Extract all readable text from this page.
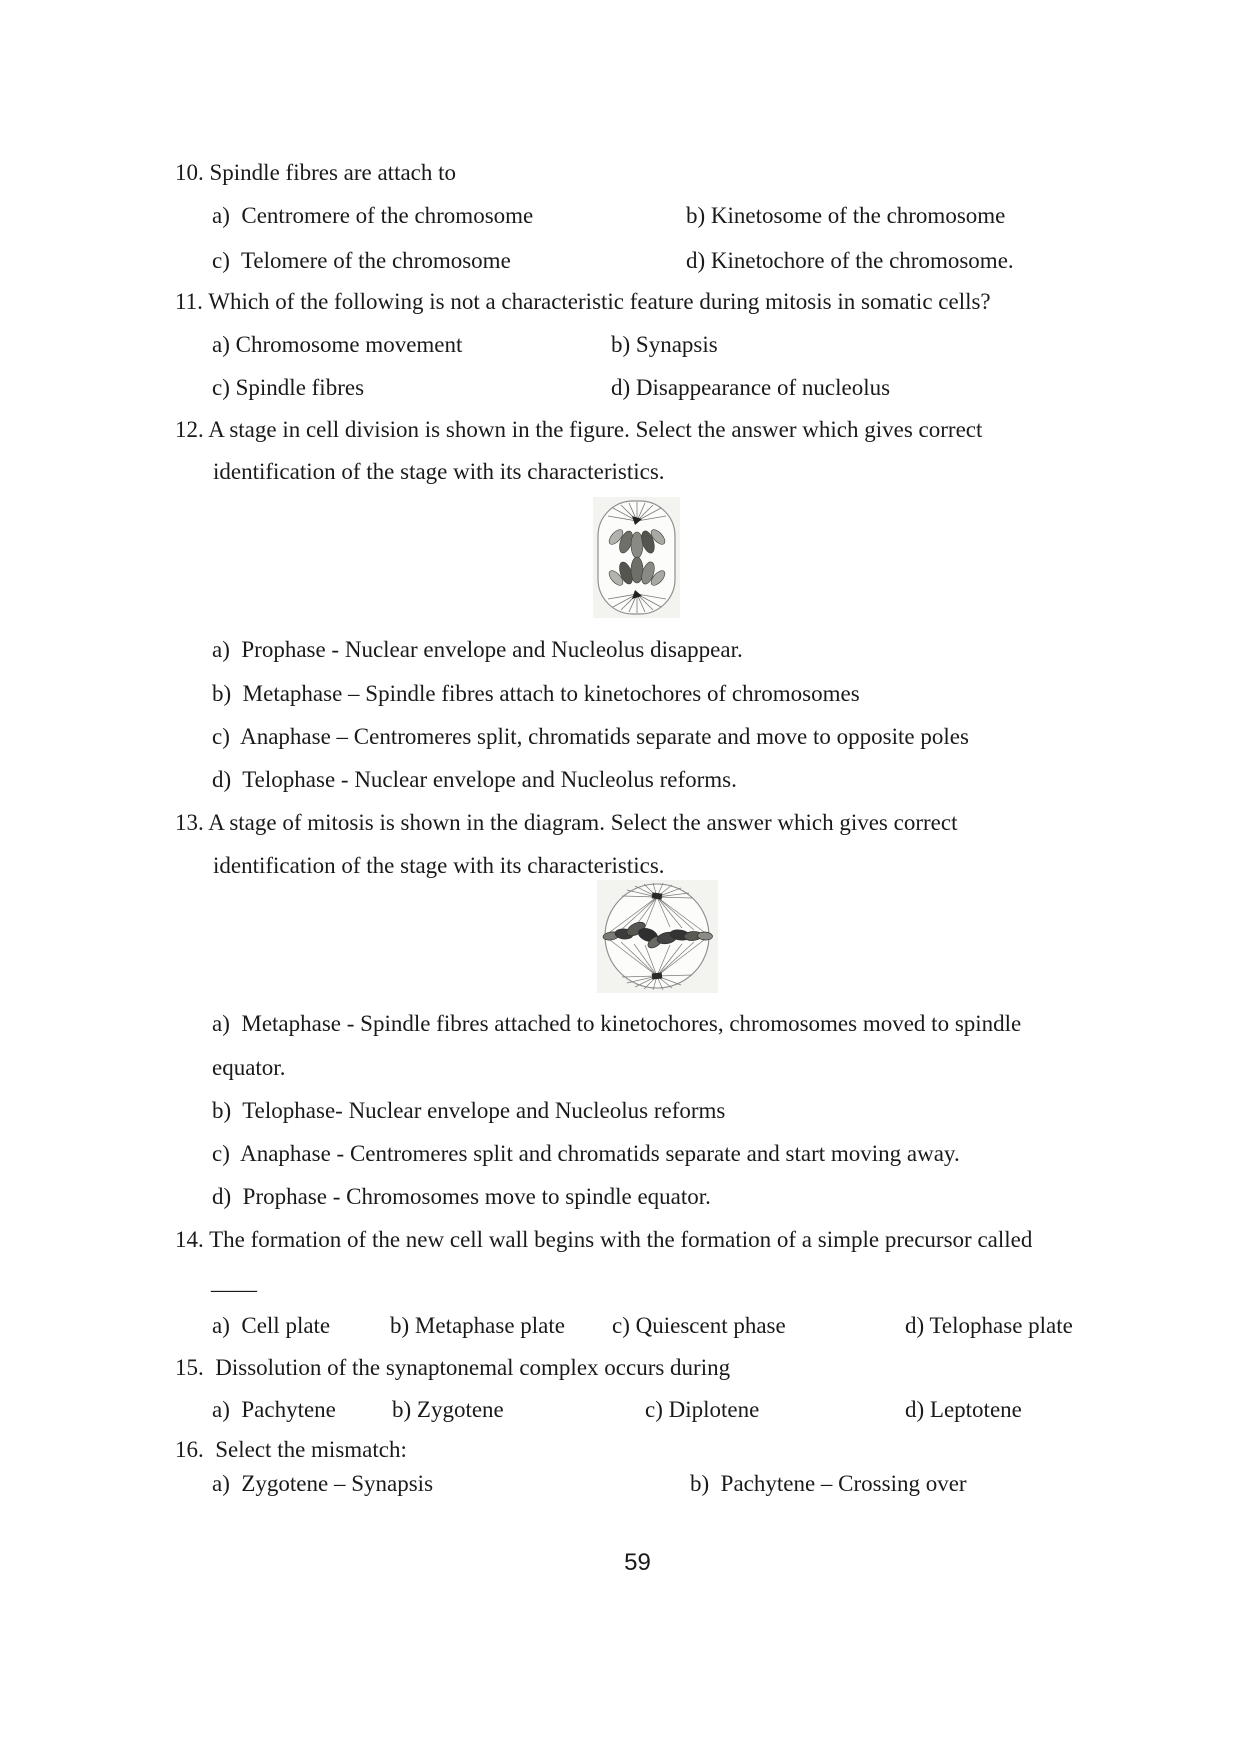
10. Spindle fibres are attach to
a)  Centromere of the chromosome	b) Kinetosome of the chromosome
c)  Telomere of the chromosome	d) Kinetochore of the chromosome.
11. Which of the following is not a characteristic feature during mitosis in somatic cells?
a) Chromosome movement	b) Synapsis
c) Spindle fibres	d) Disappearance of nucleolus
12. A stage in cell division is shown in the figure. Select the answer which gives correct
identification of the stage with its characteristics.
a)  Prophase - Nuclear envelope and Nucleolus disappear.
b)  Metaphase – Spindle fibres attach to kinetochores of chromosomes
c)  Anaphase – Centromeres split, chromatids separate and move to opposite poles
d)  Telophase - Nuclear envelope and Nucleolus reforms.
13. A stage of mitosis is shown in the diagram. Select the answer which gives correct
identification of the stage with its characteristics.
a)  Metaphase - Spindle fibres attached to kinetochores, chromosomes moved to spindle
equator.
b)  Telophase- Nuclear envelope and Nucleolus reforms
c)  Anaphase - Centromeres split and chromatids separate and start moving away.
d)  Prophase - Chromosomes move to spindle equator.
14. The formation of the new cell wall begins with the formation of a simple precursor called
____
a)  Cell plate	b) Metaphase plate c) Quiescent phase	d) Telophase plate
15.  Dissolution of the synaptonemal complex occurs during
a)  Pachytene b) Zygotene	c) Diplotene	d) Leptotene
16.  Select the mismatch:
a)  Zygotene – Synapsis	b)  Pachytene – Crossing over
59
